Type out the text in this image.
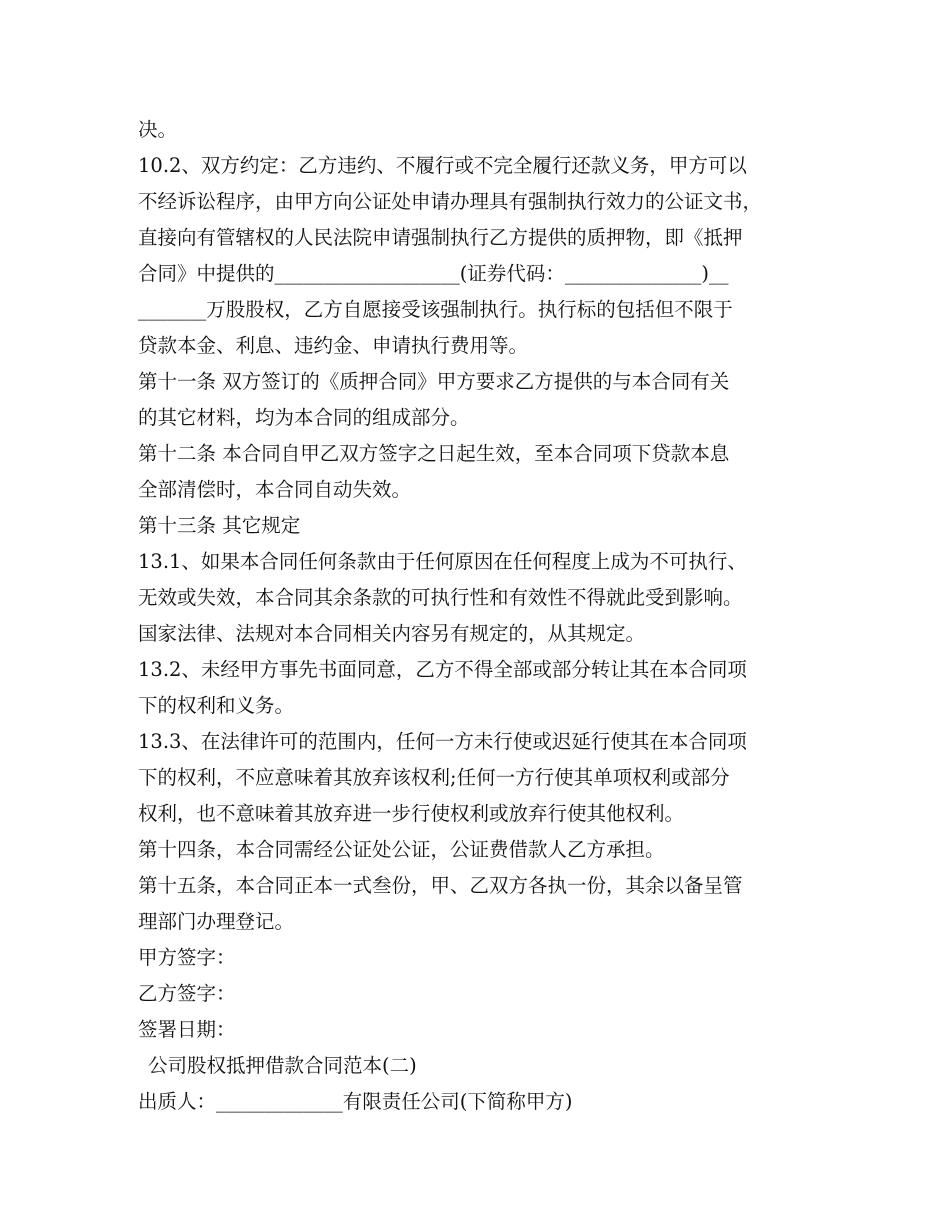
决。
10.2、双方约定：乙方违约、不履行或不完全履行还款义务，甲方可以
不经诉讼程序，由甲方向公证处申请办理具有强制执行效力的公证文书，
直接向有管辖权的人民法院申请强制执行乙方提供的质押物，即《抵押
合同》中提供的___________________(证券代码：______________)__
_______万股股权，乙方自愿接受该强制执行。执行标的包括但不限于
贷款本金、利息、违约金、申请执行费用等。
第十一条 双方签订的《质押合同》甲方要求乙方提供的与本合同有关
的其它材料，均为本合同的组成部分。
第十二条 本合同自甲乙双方签字之日起生效，至本合同项下贷款本息
全部清偿时，本合同自动失效。
第十三条 其它规定
13.1、如果本合同任何条款由于任何原因在任何程度上成为不可执行、
无效或失效，本合同其余条款的可执行性和有效性不得就此受到影响。
国家法律、法规对本合同相关内容另有规定的，从其规定。
13.2、未经甲方事先书面同意，乙方不得全部或部分转让其在本合同项
下的权利和义务。
13.3、在法律许可的范围内，任何一方未行使或迟延行使其在本合同项
下的权利，不应意味着其放弃该权利;任何一方行使其单项权利或部分
权利，也不意味着其放弃进一步行使权利或放弃行使其他权利。
第十四条，本合同需经公证处公证，公证费借款人乙方承担。
第十五条，本合同正本一式叁份，甲、乙双方各执一份，其余以备呈管
理部门办理登记。
甲方签字：
乙方签字：
签署日期：
公司股权抵押借款合同范本(二)
出质人：_____________有限责任公司(下简称甲方)
